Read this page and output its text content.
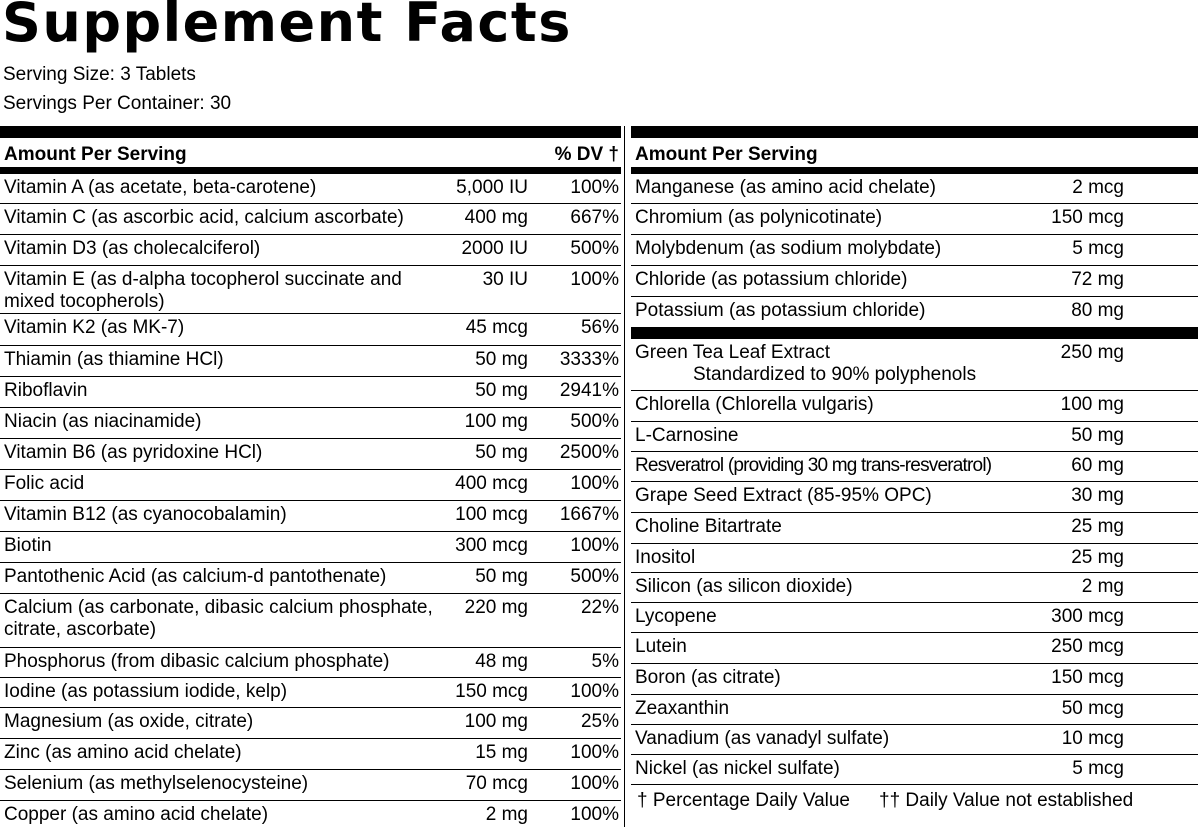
Supplement Facts
Serving Size: 3 Tablets
Servings Per Container: 30
Amount Per Serving	% DV †
Vitamin A (as acetate, beta-carotene)	5,000 IU 100%
Vitamin C (as ascorbic acid, calcium ascorbate)	400 mg 667%
Vitamin D3 (as cholecalciferol)	2000 IU 500%
Vitamin E (as d-alpha tocopherol succinate and mixed tocopherols)
30 IU 100%
Vitamin K2 (as MK-7)	45 mcg	56%
Thiamin (as thiamine HCl)	50 mg 3333%
Riboflavin	50 mg 2941%
Niacin (as niacinamide)	100 mg 500%
Vitamin B6 (as pyridoxine HCl)	50 mg 2500%
Folic acid	400 mcg 100%
Vitamin B12 (as cyanocobalamin)	100 mcg 1667%
Biotin	300 mcg 100%
Pantothenic Acid (as calcium-d pantothenate)	50 mg 500%
Calcium (as carbonate, dibasic calcium phosphate, citrate, ascorbate)
220 mg	22%
Phosphorus (from dibasic calcium phosphate)	48 mg	5%
Iodine (as potassium iodide, kelp)	150 mcg 100%
Magnesium (as oxide, citrate)	100 mg	25%
Zinc (as amino acid chelate)	15 mg 100%
Selenium (as methylselenocysteine)	70 mcg 100%
Copper (as amino acid chelate)	2 mg 100%
Amount Per Serving
Manganese (as amino acid chelate)	2 mcg
Chromium (as polynicotinate)	150 mcg
Molybdenum (as sodium molybdate)	5 mcg
Chloride (as potassium chloride)	72 mg
Potassium (as potassium chloride)	80 mg
Green Tea Leaf Extract
Standardized to 90% polyphenols
250 mg
Chlorella (Chlorella vulgaris)	100 mg
L-Carnosine	50 mg
Resveratrol (providing 30 mg trans-resveratrol)	60 mg
Grape Seed Extract (85-95% OPC)	30 mg
Choline Bitartrate	25 mg
Inositol	25 mg
Silicon (as silicon dioxide)	2 mg
Lycopene	300 mcg
Lutein	250 mcg
Boron (as citrate)	150 mcg
Zeaxanthin	50 mcg
Vanadium (as vanadyl sulfate)	10 mcg
Nickel (as nickel sulfate)	5 mcg
† Percentage Daily Value †† Daily Value not established
